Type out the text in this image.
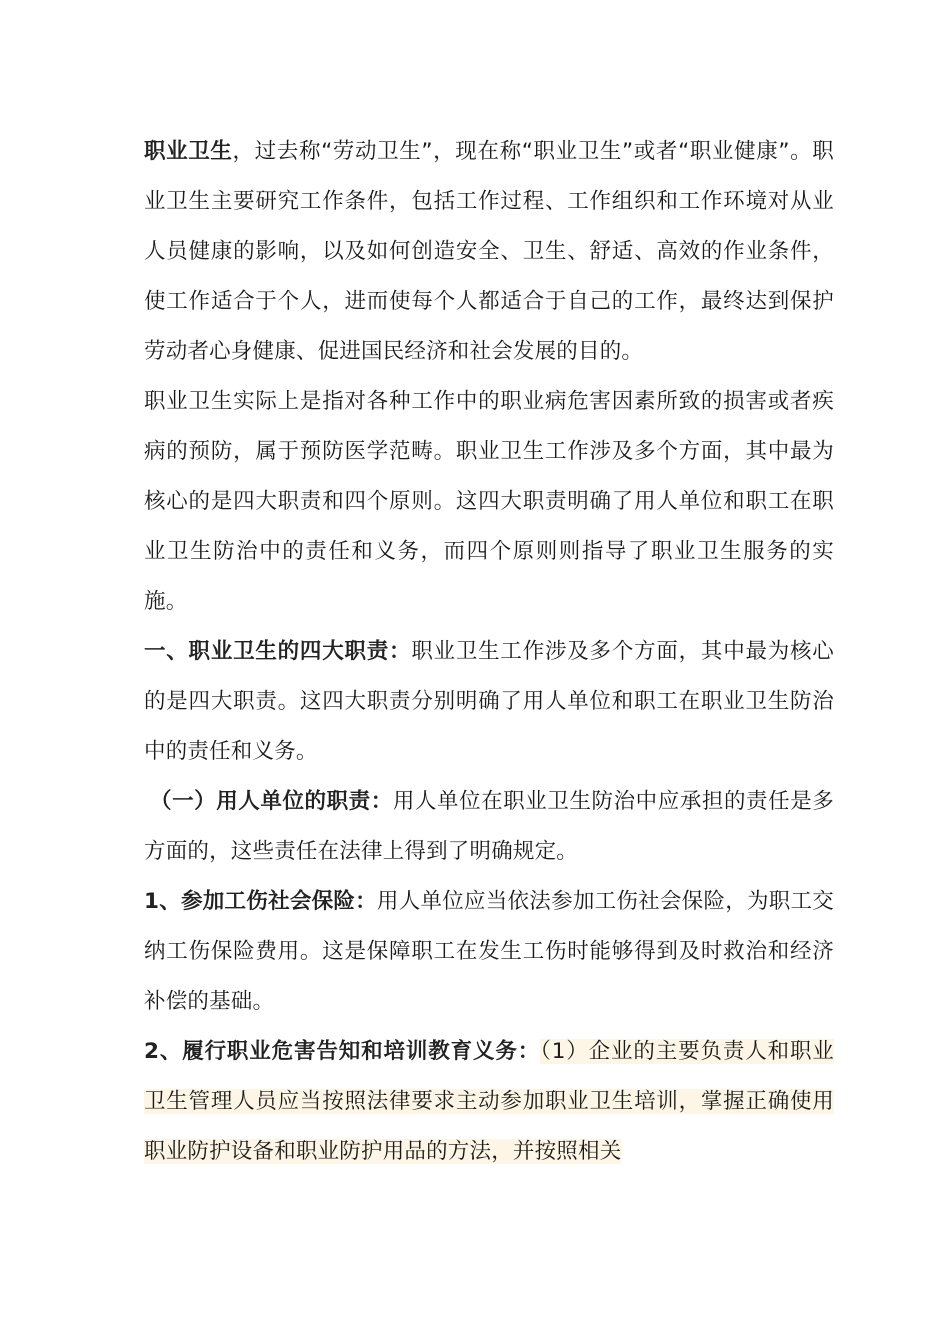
职业卫生，过去称“劳动卫生”，现在称“职业卫生”或者“职业健康”。职业卫生主要研究工作条件，包括工作过程、工作组织和工作环境对从业人员健康的影响，以及如何创造安全、卫生、舒适、高效的作业条件，使工作适合于个人，进而使每个人都适合于自己的工作，最终达到保护劳动者心身健康、促进国民经济和社会发展的目的。

职业卫生实际上是指对各种工作中的职业病危害因素所致的损害或者疾病的预防，属于预防医学范畴。职业卫生工作涉及多个方面，其中最为核心的是四大职责和四个原则。这四大职责明确了用人单位和职工在职业卫生防治中的责任和义务，而四个原则则指导了职业卫生服务的实施。

一、职业卫生的四大职责：职业卫生工作涉及多个方面，其中最为核心的是四大职责。这四大职责分别明确了用人单位和职工在职业卫生防治中的责任和义务。

（一）用人单位的职责：用人单位在职业卫生防治中应承担的责任是多方面的，这些责任在法律上得到了明确规定。

1、参加工伤社会保险：用人单位应当依法参加工伤社会保险，为职工交纳工伤保险费用。这是保障职工在发生工伤时能够得到及时救治和经济补偿的基础。

2、履行职业危害告知和培训教育义务：（1）企业的主要负责人和职业卫生管理人员应当按照法律要求主动参加职业卫生培训，掌握正确使用职业防护设备和职业防护用品的方法，并按照相关
